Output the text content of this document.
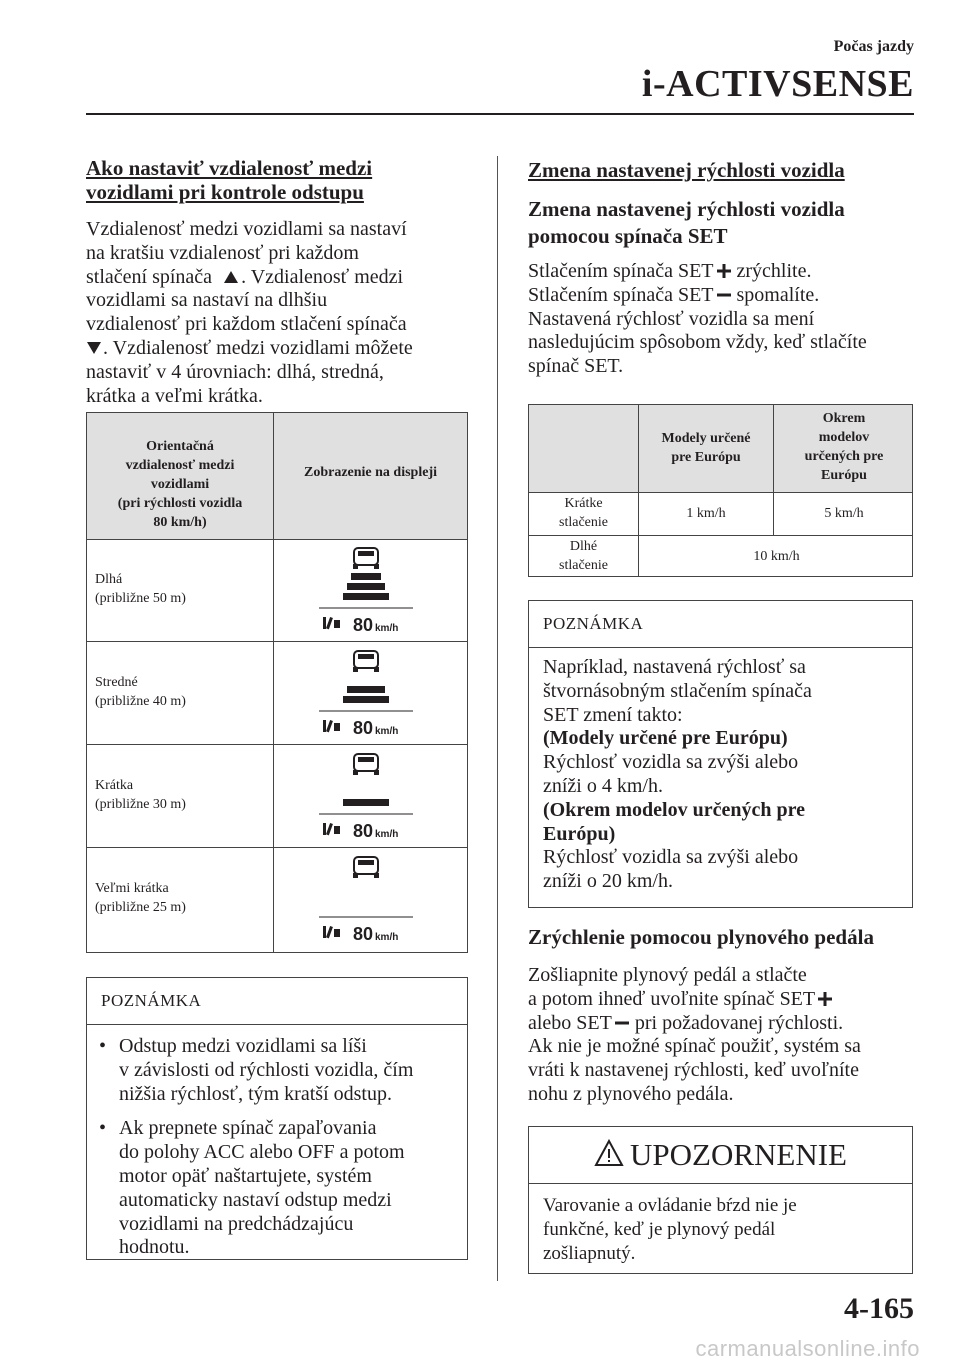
Počas jazdy
i-ACTIVSENSE
Ako nastaviť vzdialenosť medzi
vozidlami pri kontrole odstupu
Vzdialenosť medzi vozidlami sa nastaví
na kratšiu vzdialenosť pri každom
stlačení spínača . Vzdialenosť medzi
vozidlami sa nastaví na dlhšiu
vzdialenosť pri každom stlačení spínača
. Vzdialenosť medzi vozidlami môžete
nastaviť v 4 úrovniach: dlhá, stredná,
krátka a veľmi krátka.
Orientačná
vzdialenosť medzi
vozidlami
(pri rýchlosti vozidla
80 km/h)
Zobrazenie na displeji
Dlhá
(približne 50 m)
80 km/h
Stredné
(približne 40 m)
80 km/h
Krátka
(približne 30 m)
80 km/h
Veľmi krátka
(približne 25 m)
80 km/h
POZNÁMKA
• Odstup medzi vozidlami sa líši
v závislosti od rýchlosti vozidla, čím
nižšia rýchlosť, tým kratší odstup.
• Ak prepnete spínač zapaľovania
do polohy ACC alebo OFF a potom
motor opäť naštartujete, systém
automaticky nastaví odstup medzi
vozidlami na predchádzajúcu
hodnotu.
Zmena nastavenej rýchlosti vozidla
Zmena nastavenej rýchlosti vozidla
pomocou spínača SET
Stlačením spínača SET zrýchlite.
Stlačením spínača SET spomalíte.
Nastavená rýchlosť vozidla sa mení
nasledujúcim spôsobom vždy, keď stlačíte
spínač SET.
Modely určené
pre Európu
Okrem
modelov
určených pre
Európu
Krátke
stlačenie
1 km/h	5 km/h
Dlhé
stlačenie
10 km/h
POZNÁMKA
Napríklad, nastavená rýchlosť sa
štvornásobným stlačením spínača
SET zmení takto:
(Modely určené pre Európu)
Rýchlosť vozidla sa zvýši alebo
zníži o 4 km/h.
(Okrem modelov určených pre
Európu)
Rýchlosť vozidla sa zvýši alebo
zníži o 20 km/h.
Zrýchlenie pomocou plynového pedála
Zošliapnite plynový pedál a stlačte
a potom ihneď uvoľnite spínač SET
alebo SET pri požadovanej rýchlosti.
Ak nie je možné spínač použiť, systém sa
vráti k nastavenej rýchlosti, keď uvoľníte
nohu z plynového pedála.
UPOZORNENIE
Varovanie a ovládanie bŕzd nie je
funkčné, keď je plynový pedál
zošliapnutý.
4-165
carmanualsonline.info
